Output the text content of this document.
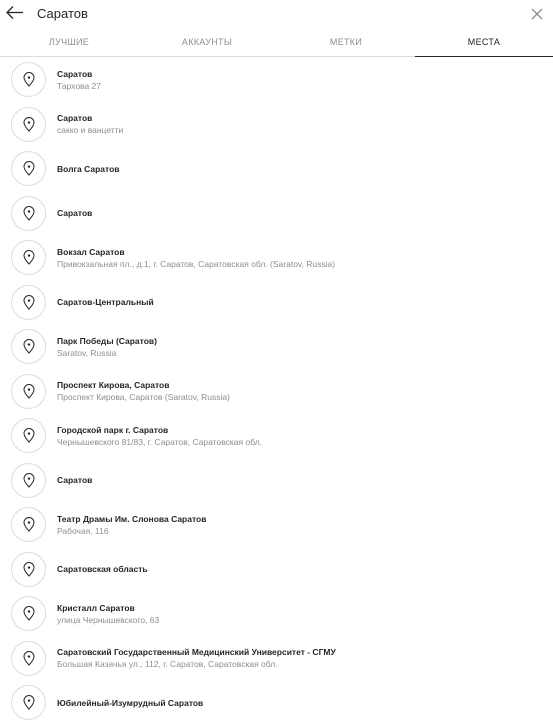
Саратов
ЛУЧШИЕ	АККАУНТЫ	МЕТКИ	МЕСТА
Саратов
Тархова 27
Саратов
сакко и ванцетти
Волга Саратов
Саратов
Вокзал Саратов
Привокзальная пл., д.1, г. Саратов, Саратовская обл. (Saratov, Russia)
Саратов-Центральный
Парк Победы (Саратов)
Saratov, Russia
Проспект Кирова, Саратов
Проспект Кирова, Саратов (Saratov, Russia)
Городской парк г. Саратов
Чернышевского 81/83, г. Саратов, Саратовская обл.
Саратов
Театр Драмы Им. Слонова Саратов
Рабочая, 116
Саратовская область
Кристалл Саратов
улица Чернышевского, 63
Саратовский Государственный Медицинский Университет - СГМУ
Большая Казачья ул., 112, г. Саратов, Саратовская обл.
Юбилейный-Изумрудный Саратов
